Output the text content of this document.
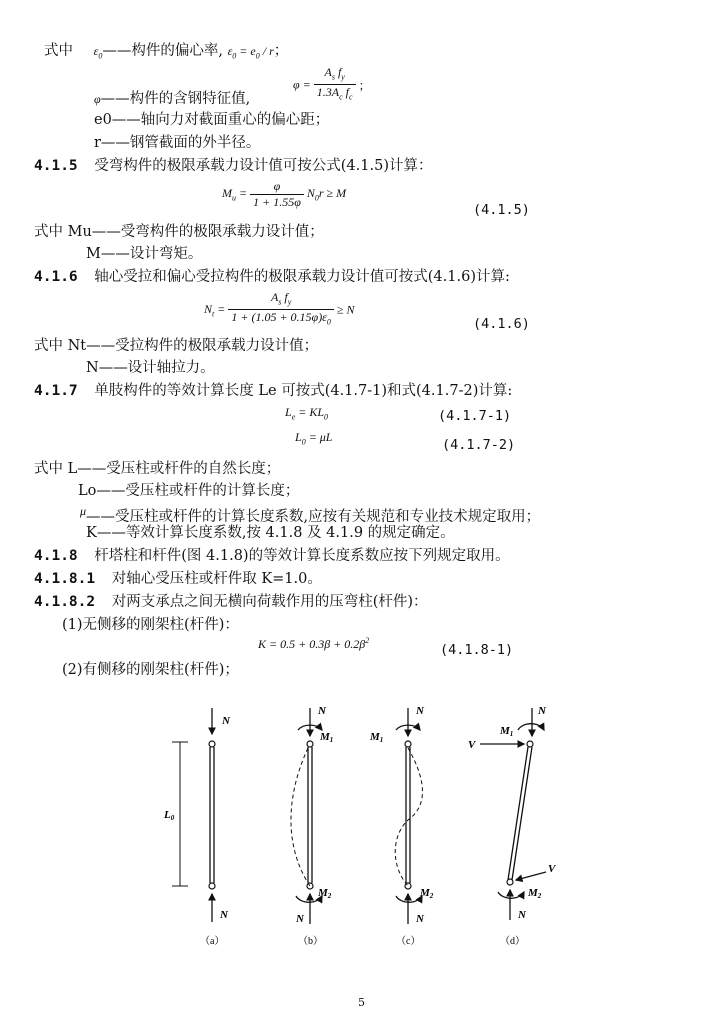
式中 $\varepsilon_0——$构件的偏心率, $\varepsilon_0 = e_0 / r$；
$\varphi = \frac{A_s f_y}{1.3A_c f_c}$ ；
φ——构件的含钢特征值,
e0——轴向力对截面重心的偏心距；
r——钢管截面的外半径。
4.1.5 受弯构件的极限承载力设计值可按公式(4.1.5)计算：
$M_u = \frac{\varphi}{1 + 1.55\varphi} N_0r \ge M$
(4.1.5)
式中 Mu——受弯构件的极限承载力设计值；
M——设计弯矩。
4.1.6 轴心受拉和偏心受拉构件的极限承载力设计值可按式(4.1.6)计算:
$N_t = \frac{A_s f_y}{1 + (1.05 + 0.15\varphi)\varepsilon_0} \ge N$
(4.1.6)
式中 Nt——受拉构件的极限承载力设计值；
N——设计轴拉力。
4.1.7 单肢构件的等效计算长度 Le 可按式(4.1.7-1)和式(4.1.7-2)计算:
$L_e = KL_0$	(4.1.7-1)
$L_0 = \mu L$	(4.1.7-2)
式中 L——受压柱或杆件的自然长度；
Lo——受压柱或杆件的计算长度；
$^\mu$——受压柱或杆件的计算长度系数,应按有关规范和专业技术规定取用；
K——等效计算长度系数,按 4.1.8 及 4.1.9 的规定确定。
4.1.8 杆塔柱和杆件(图 4.1.8)的等效计算长度系数应按下列规定取用。
4.1.8.1 对轴心受压柱或杆件取 K=1.0。
4.1.8.2 对两支承点之间无横向荷载作用的压弯柱(杆件)：
(1)无侧移的刚架柱(杆件)：
$K = 0.5 + 0.3\beta + 0.2\beta^2$
(4.1.8-1)
(2)有侧移的刚架柱(杆件)；
N
N
L0
（a）
N
M1
M2
N
（b）
N
M1
M2
N
（c）
N
M1
V
V
M2
N
（d）
5
